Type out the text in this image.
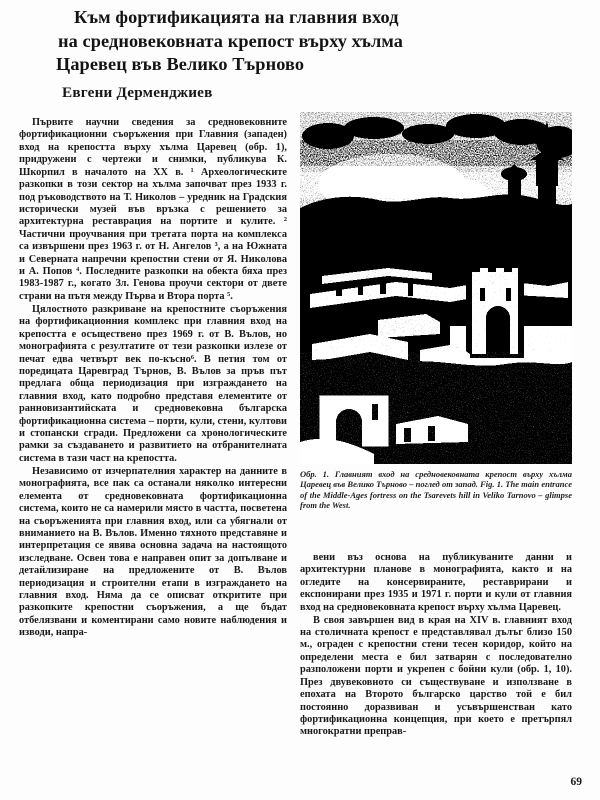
Към фортификацията на главния вход
на средновековната крепост върху хълма
Царевец във Велико Търново
Евгени Дерменджиев

Първите научни сведения за средновековните фортификационни съоръжения при Главния (западен) вход на крепостта върху хълма Царевец (обр. 1), придружени с чертежи и снимки, публикува К. Шкорпил в началото на XX в. ¹ Археологическите разкопки в този сектор на хълма започват през 1933 г. под ръководството на Т. Николов – уредник на Градския исторически музей във връзка с решението за архитектурна реставрация на портите и кулите. ² Частични проучвания при третата порта на комплекса са извършени през 1963 г. от Н. Ангелов ³, а на Южната и Северната напречни крепостни стени от Я. Николова и А. Попов ⁴. Последните разкопки на обекта бяха през 1983-1987 г., когато Зл. Генова проучи сектори от двете страни на пътя между Първа и Втора порта ⁵.

Цялостното разкриване на крепостните съоръжения на фортификационния комплекс при главния вход на крепостта е осъществено през 1969 г. от В. Вълов, но монографията с резултатите от тези разкопки излезе от печат едва четвърт век по-късно⁶. В петия том от поредицата Царевград Търнов, В. Вълов за пръв път предлага обща периодизация при изграждането на главния вход, като подробно представя елементите от ранновизантийската и средновековна българска фортификационна система – порти, кули, стени, култови и стопански сгради. Предложени са хронологическите рамки за създаването и развитието на отбранителната система в тази част на крепостта.

Независимо от изчерпателния характер на данните в монографията, все пак са останали няколко интересни елемента от средновековната фортификационна система, които не са намерили място в частта, посветена на съоръженията при главния вход, или са убягнали от вниманието на В. Вълов. Именно тяхното представяне и интерпретация се явява основна задача на настоящото изследване. Освен това е направен опит за допълване и детайлизиране на предложените от В. Вълов периодизация и строителни етапи в изграждането на главния вход. Няма да се описват откритите при разкопките крепостни съоръжения, а ще бъдат отбелязвани и коментирани само новите наблюдения и изводи, напра-

Обр. 1. Главният вход на средновековната крепост върху хълма Царевец във Велико Търново – поглед от запад. Fig. 1. The main entrance of the Middle-Ages fortress on the Tsarevets hill in Veliko Tarnovo – glimpse from the West.

вени въз основа на публикуваните данни и архитектурни планове в монографията, както и на огледите на консервираните, реставрирани и експонирани през 1935 и 1971 г. порти и кули от главния вход на средновековната крепост върху хълма Царевец.

В своя завършен вид в края на XIV в. главният вход на столичната крепост е представлявал дълъг близо 150 м., ограден с крепостни стени тесен коридор, който на определени места е бил затварян с последователно разположени порти и укрепен с бойни кули (обр. 1, 10). През двувековното си съществуване и използване в епохата на Второто българско царство той е бил постоянно доразвиван и усъвършенстван като фортификационна концепция, при което е претърпял многократни преправ-

69
